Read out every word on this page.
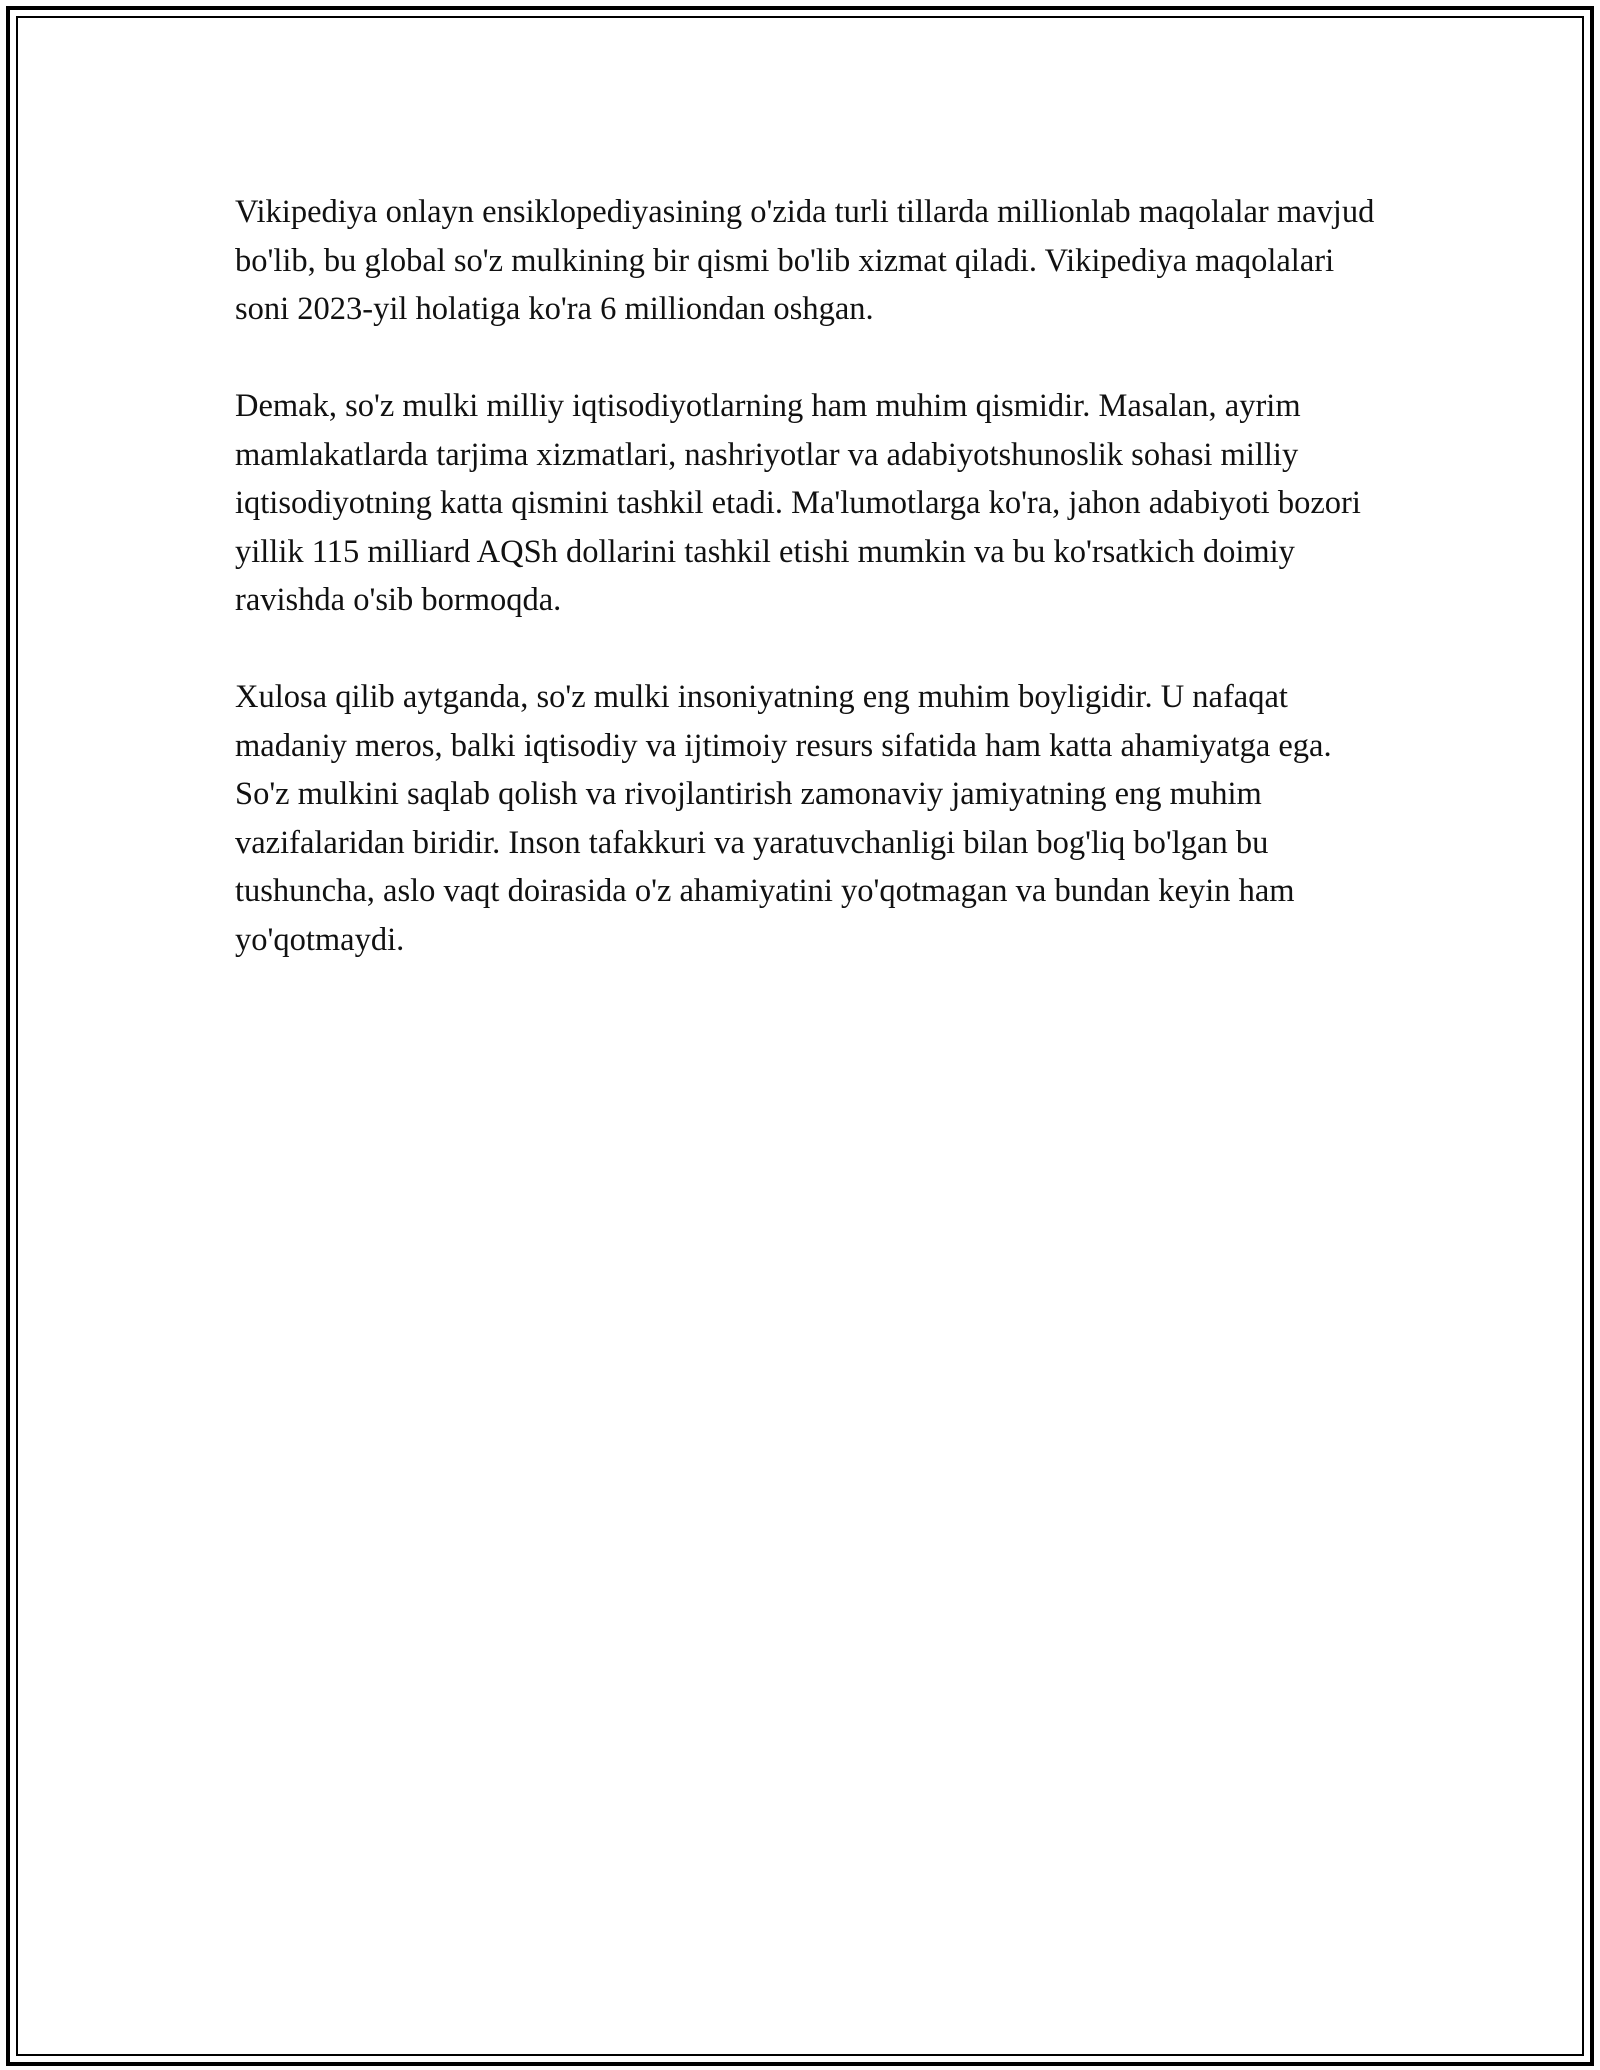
Vikipediya onlayn ensiklopediyasining o'zida turli tillarda millionlab maqolalar mavjud bo'lib, bu global so'z mulkining bir qismi bo'lib xizmat qiladi. Vikipediya maqolalari soni 2023-yil holatiga ko'ra 6 milliondan oshgan.

Demak, so'z mulki milliy iqtisodiyotlarning ham muhim qismidir. Masalan, ayrim mamlakatlarda tarjima xizmatlari, nashriyotlar va adabiyotshunoslik sohasi milliy iqtisodiyotning katta qismini tashkil etadi. Ma'lumotlarga ko'ra, jahon adabiyoti bozori yillik 115 milliard AQSh dollarini tashkil etishi mumkin va bu ko'rsatkich doimiy ravishda o'sib bormoqda.

Xulosa qilib aytganda, so'z mulki insoniyatning eng muhim boyligidir. U nafaqat madaniy meros, balki iqtisodiy va ijtimoiy resurs sifatida ham katta ahamiyatga ega. So'z mulkini saqlab qolish va rivojlantirish zamonaviy jamiyatning eng muhim vazifalaridan biridir. Inson tafakkuri va yaratuvchanligi bilan bog'liq bo'lgan bu tushuncha, aslo vaqt doirasida o'z ahamiyatini yo'qotmagan va bundan keyin ham yo'qotmaydi.
